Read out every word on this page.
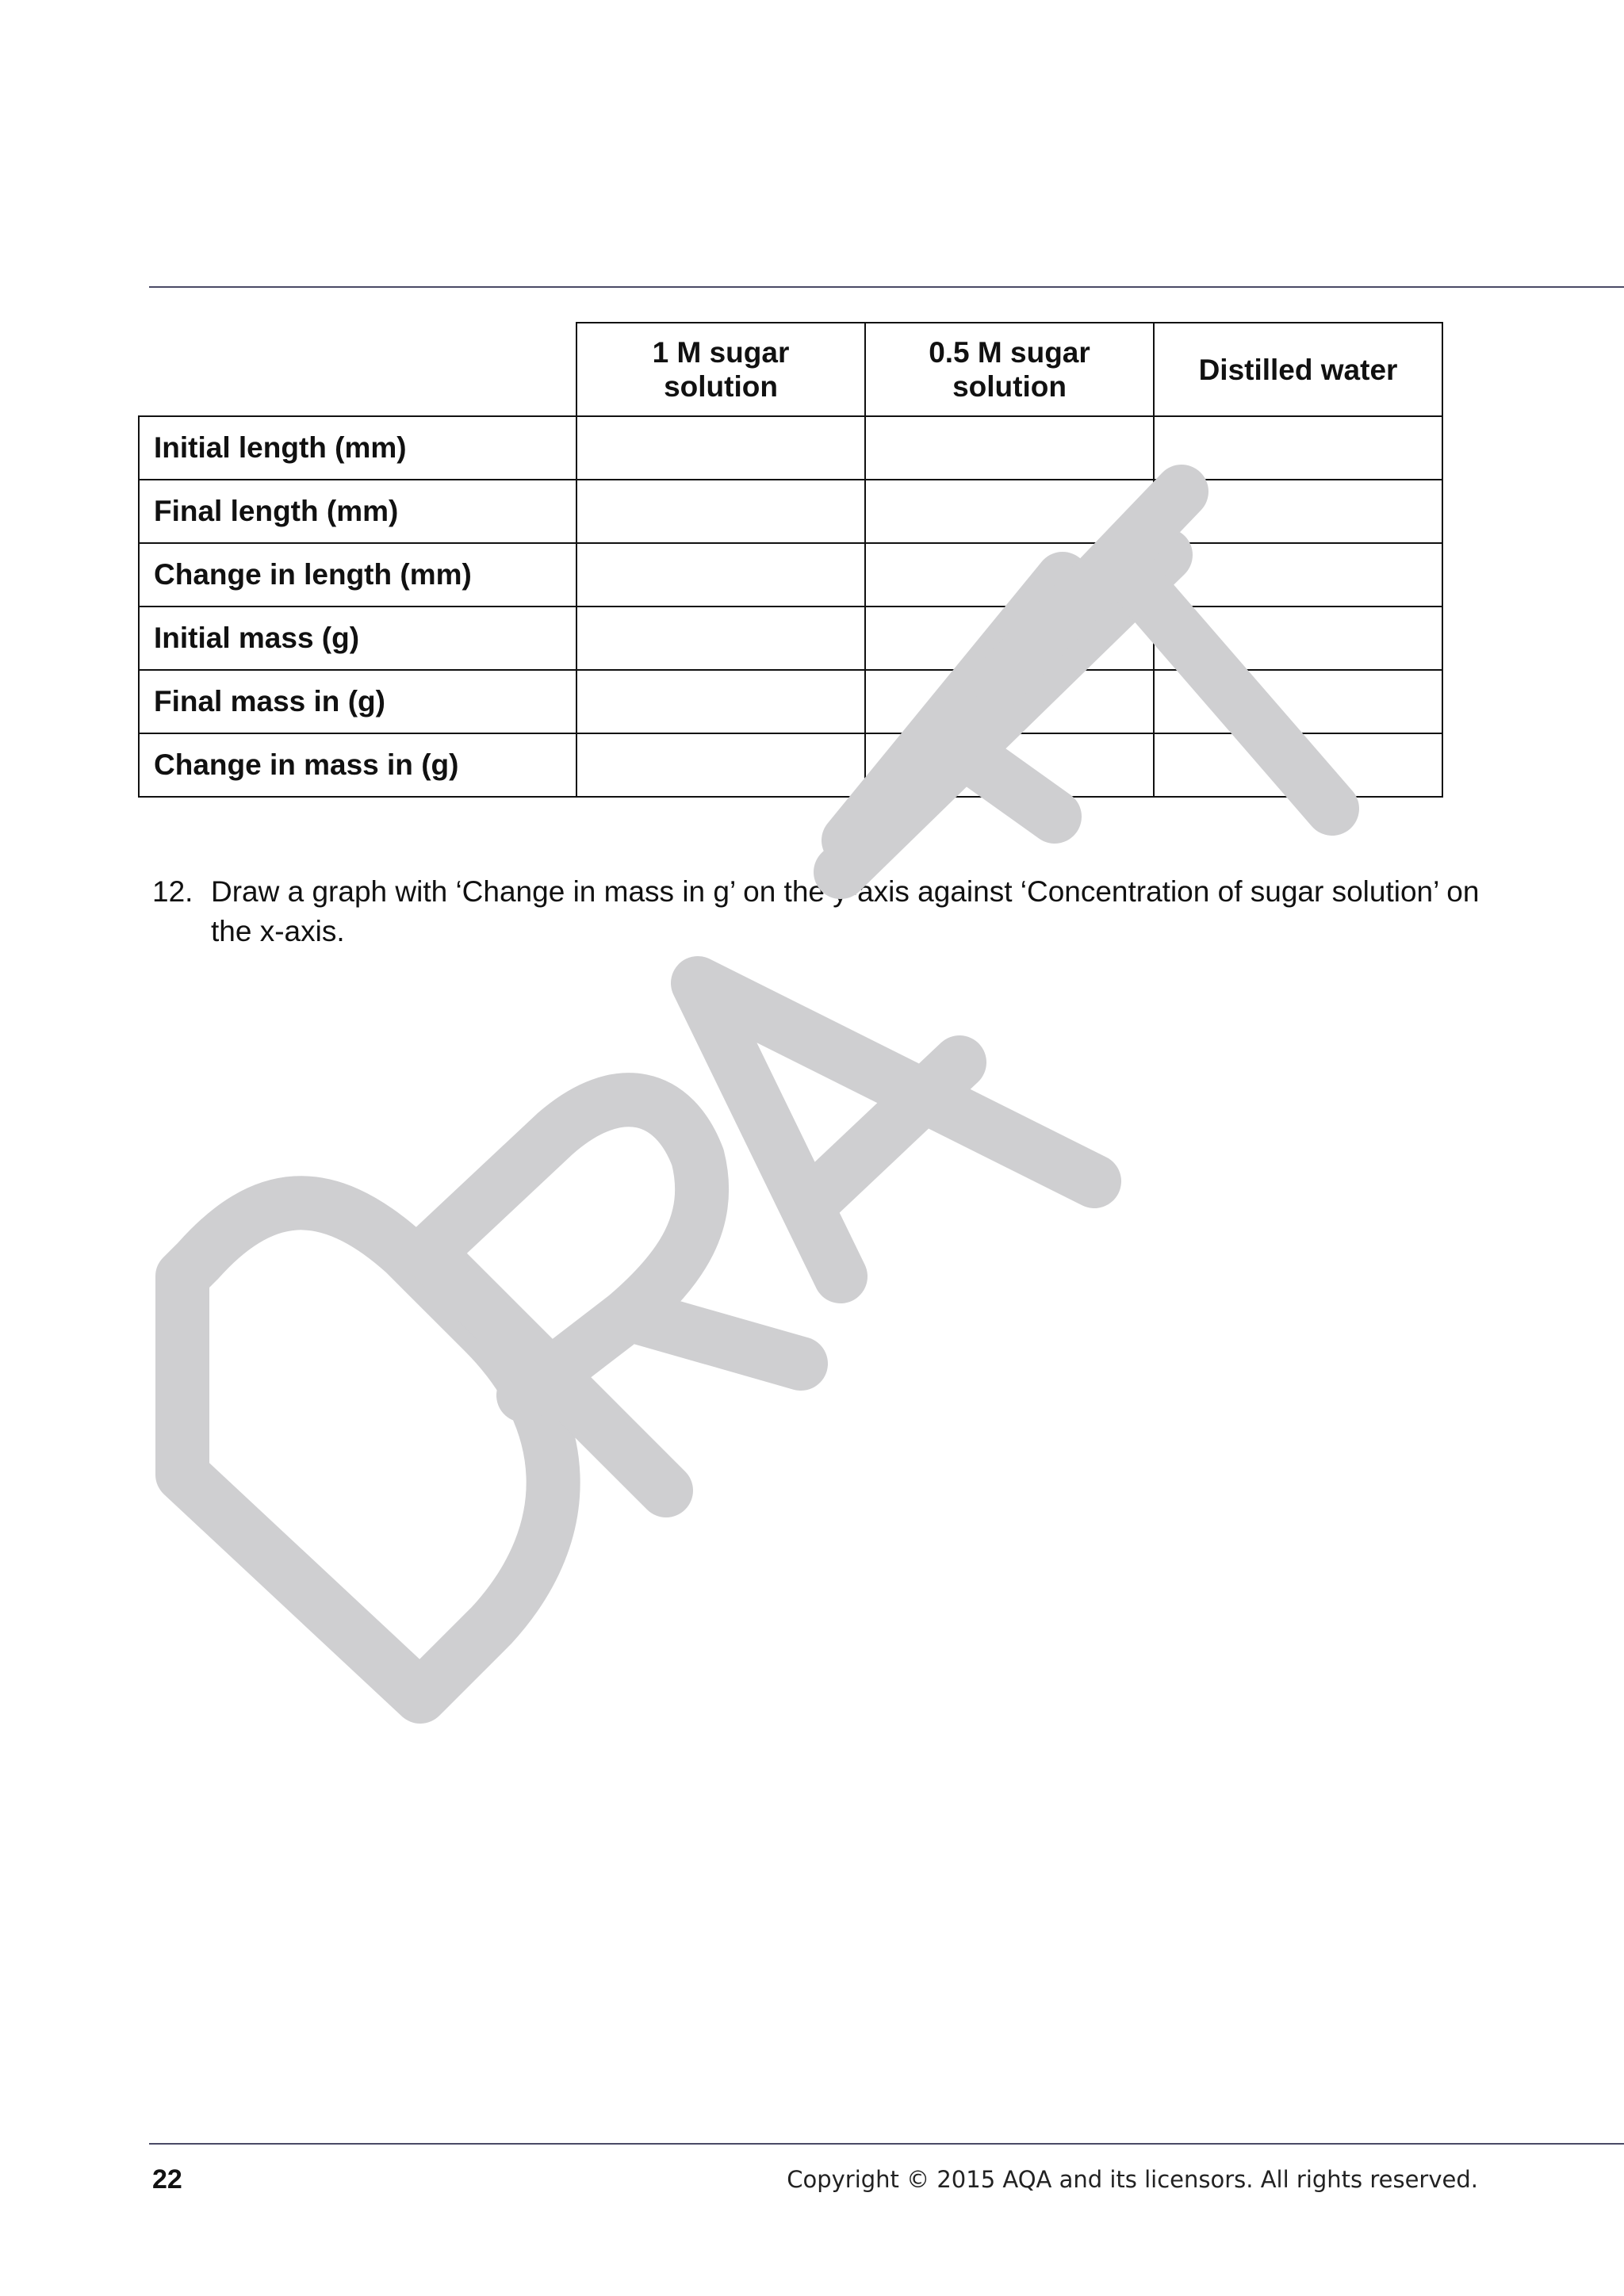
	1 M sugar solution	0.5 M sugar solution	Distilled water
Initial length (mm)			
Final length (mm)			
Change in length (mm)			
Initial mass (g)			
Final mass in (g)			
Change in mass in (g)			
12. Draw a graph with ‘Change in mass in g’ on the y-axis against ‘Concentration of sugar solution’ on the x-axis.
22	Copyright © 2015 AQA and its licensors. All rights reserved.
